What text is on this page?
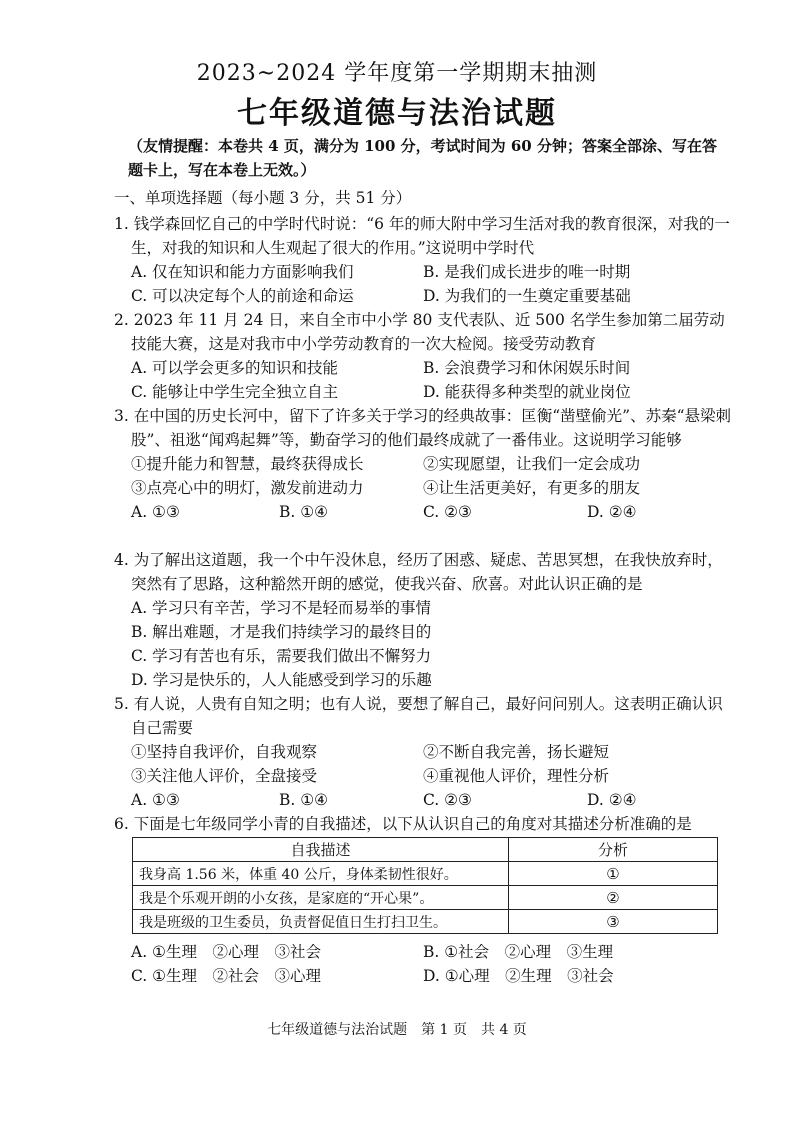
2023~2024 学年度第一学期期末抽测
七年级道德与法治试题
（友情提醒：本卷共 4 页，满分为 100 分，考试时间为 60 分钟；答案全部涂、写在答题卡上，写在本卷上无效。）
一、单项选择题（每小题 3 分，共 51 分）
1. 钱学森回忆自己的中学时代时说：“6 年的师大附中学习生活对我的教育很深，对我的一生，对我的知识和人生观起了很大的作用。”这说明中学时代
A. 仅在知识和能力方面影响我们	B. 是我们成长进步的唯一时期
C. 可以决定每个人的前途和命运	D. 为我们的一生奠定重要基础
2. 2023 年 11 月 24 日，来自全市中小学 80 支代表队、近 500 名学生参加第二届劳动技能大赛，这是对我市中小学劳动教育的一次大检阅。接受劳动教育
A. 可以学会更多的知识和技能	B. 会浪费学习和休闲娱乐时间
C. 能够让中学生完全独立自主	D. 能获得多种类型的就业岗位
3. 在中国的历史长河中，留下了许多关于学习的经典故事：匡衡“凿壁偷光”、苏秦“悬梁刺股”、祖逖“闻鸡起舞”等，勤奋学习的他们最终成就了一番伟业。这说明学习能够
①提升能力和智慧，最终获得成长	②实现愿望，让我们一定会成功
③点亮心中的明灯，激发前进动力	④让生活更美好，有更多的朋友
A. ①③	B. ①④	C. ②③	D. ②④
4. 为了解出这道题，我一个中午没休息，经历了困惑、疑虑、苦思冥想，在我快放弃时，突然有了思路，这种豁然开朗的感觉，使我兴奋、欣喜。对此认识正确的是
A. 学习只有辛苦，学习不是轻而易举的事情
B. 解出难题，才是我们持续学习的最终目的
C. 学习有苦也有乐，需要我们做出不懈努力
D. 学习是快乐的，人人能感受到学习的乐趣
5. 有人说，人贵有自知之明；也有人说，要想了解自己，最好问问别人。这表明正确认识自己需要
①坚持自我评价，自我观察	②不断自我完善，扬长避短
③关注他人评价，全盘接受	④重视他人评价，理性分析
A. ①③	B. ①④	C. ②③	D. ②④
6. 下面是七年级同学小青的自我描述，以下从认识自己的角度对其描述分析准确的是
自我描述	分析
我身高 1.56 米，体重 40 公斤，身体柔韧性很好。	①
我是个乐观开朗的小女孩，是家庭的“开心果”。	②
我是班级的卫生委员，负责督促值日生打扫卫生。	③
A. ①生理　②心理　③社会	B. ①社会　②心理　③生理
C. ①生理　②社会　③心理	D. ①心理　②生理　③社会
七年级道德与法治试题　第 1 页　共 4 页
